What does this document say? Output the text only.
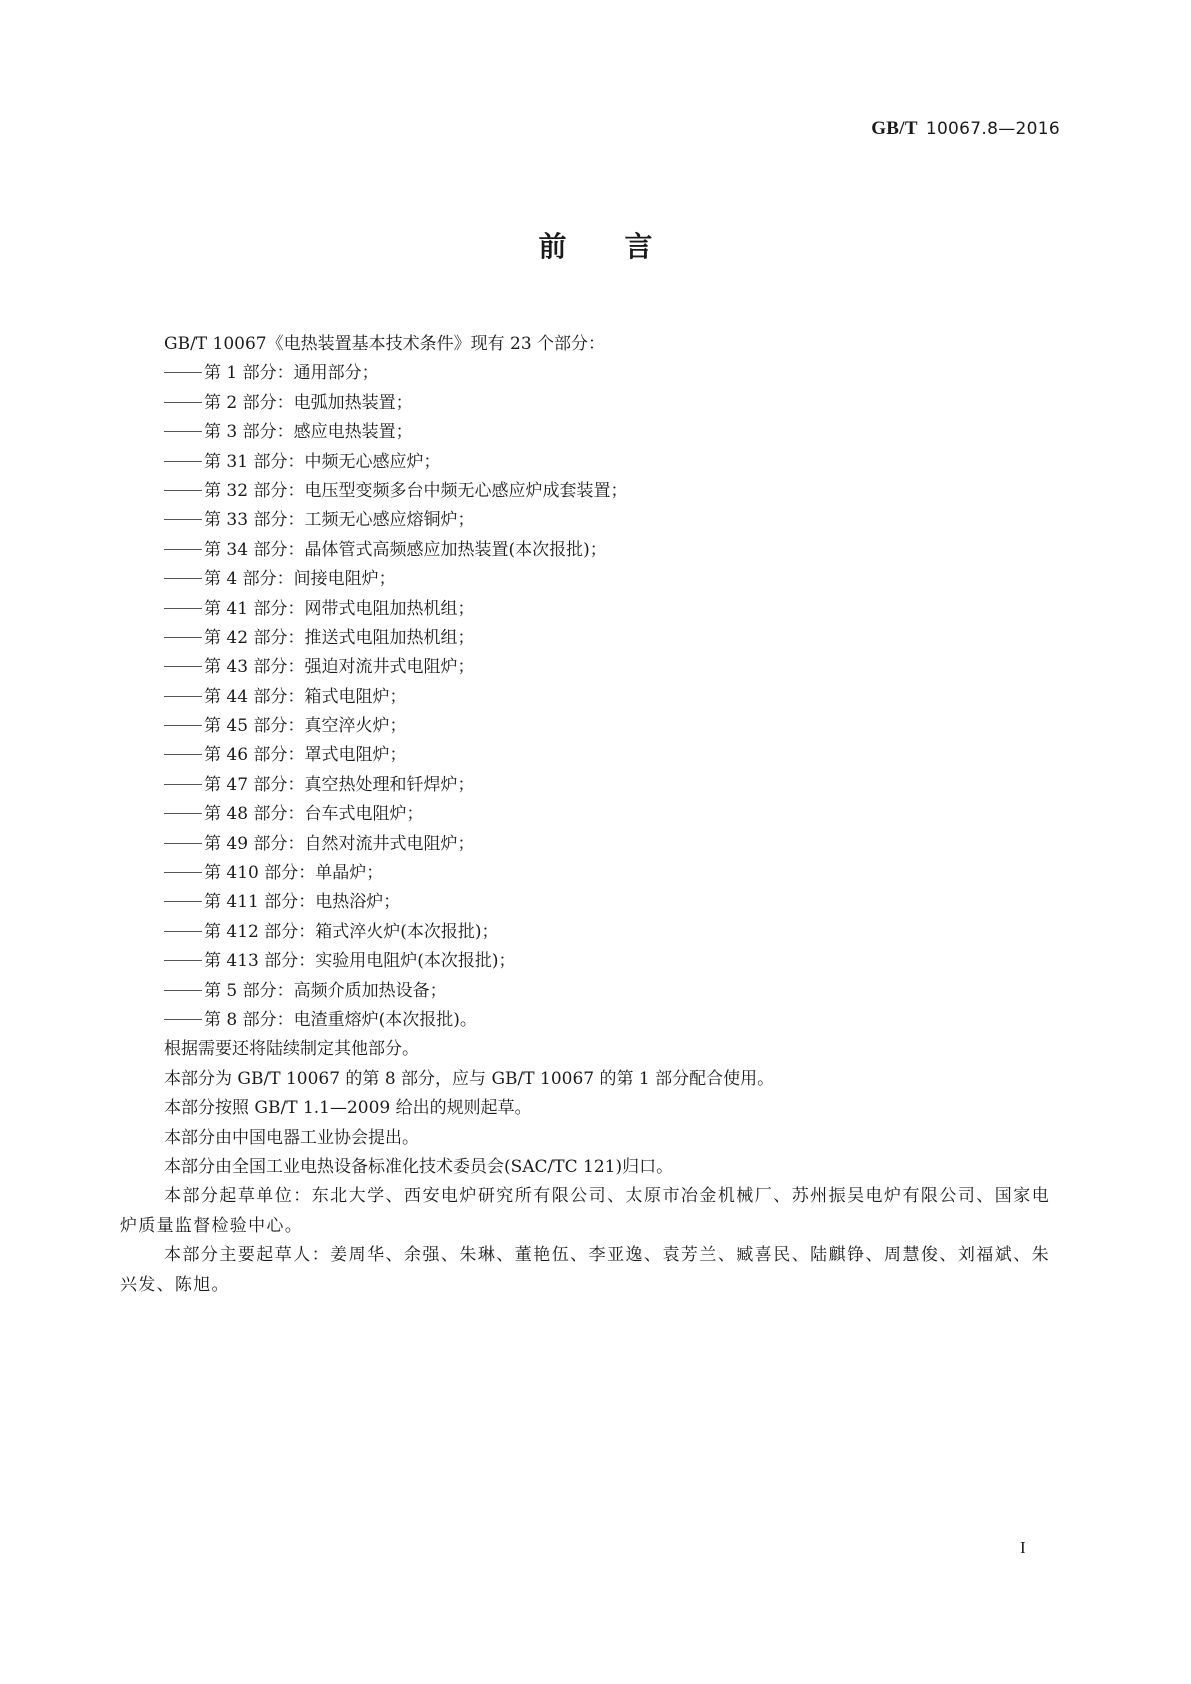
GB/T 10067.8—2016
前 言
GB/T 10067《电热装置基本技术条件》现有 23 个部分：
第 1 部分：通用部分；
第 2 部分：电弧加热装置；
第 3 部分：感应电热装置；
第 31 部分：中频无心感应炉；
第 32 部分：电压型变频多台中频无心感应炉成套装置；
第 33 部分：工频无心感应熔铜炉；
第 34 部分：晶体管式高频感应加热装置(本次报批)；
第 4 部分：间接电阻炉；
第 41 部分：网带式电阻加热机组；
第 42 部分：推送式电阻加热机组；
第 43 部分：强迫对流井式电阻炉；
第 44 部分：箱式电阻炉；
第 45 部分：真空淬火炉；
第 46 部分：罩式电阻炉；
第 47 部分：真空热处理和钎焊炉；
第 48 部分：台车式电阻炉；
第 49 部分：自然对流井式电阻炉；
第 410 部分：单晶炉；
第 411 部分：电热浴炉；
第 412 部分：箱式淬火炉(本次报批)；
第 413 部分：实验用电阻炉(本次报批)；
第 5 部分：高频介质加热设备；
第 8 部分：电渣重熔炉(本次报批)。
根据需要还将陆续制定其他部分。
本部分为 GB/T 10067 的第 8 部分，应与 GB/T 10067 的第 1 部分配合使用。
本部分按照 GB/T 1.1—2009 给出的规则起草。
本部分由中国电器工业协会提出。
本部分由全国工业电热设备标准化技术委员会(SAC/TC 121)归口。
本部分起草单位：东北大学、西安电炉研究所有限公司、太原市冶金机械厂、苏州振吴电炉有限公司、国家电炉质量监督检验中心。
本部分主要起草人：姜周华、余强、朱琳、董艳伍、李亚逸、袁芳兰、臧喜民、陆麒铮、周慧俊、刘福斌、朱兴发、陈旭。
I
